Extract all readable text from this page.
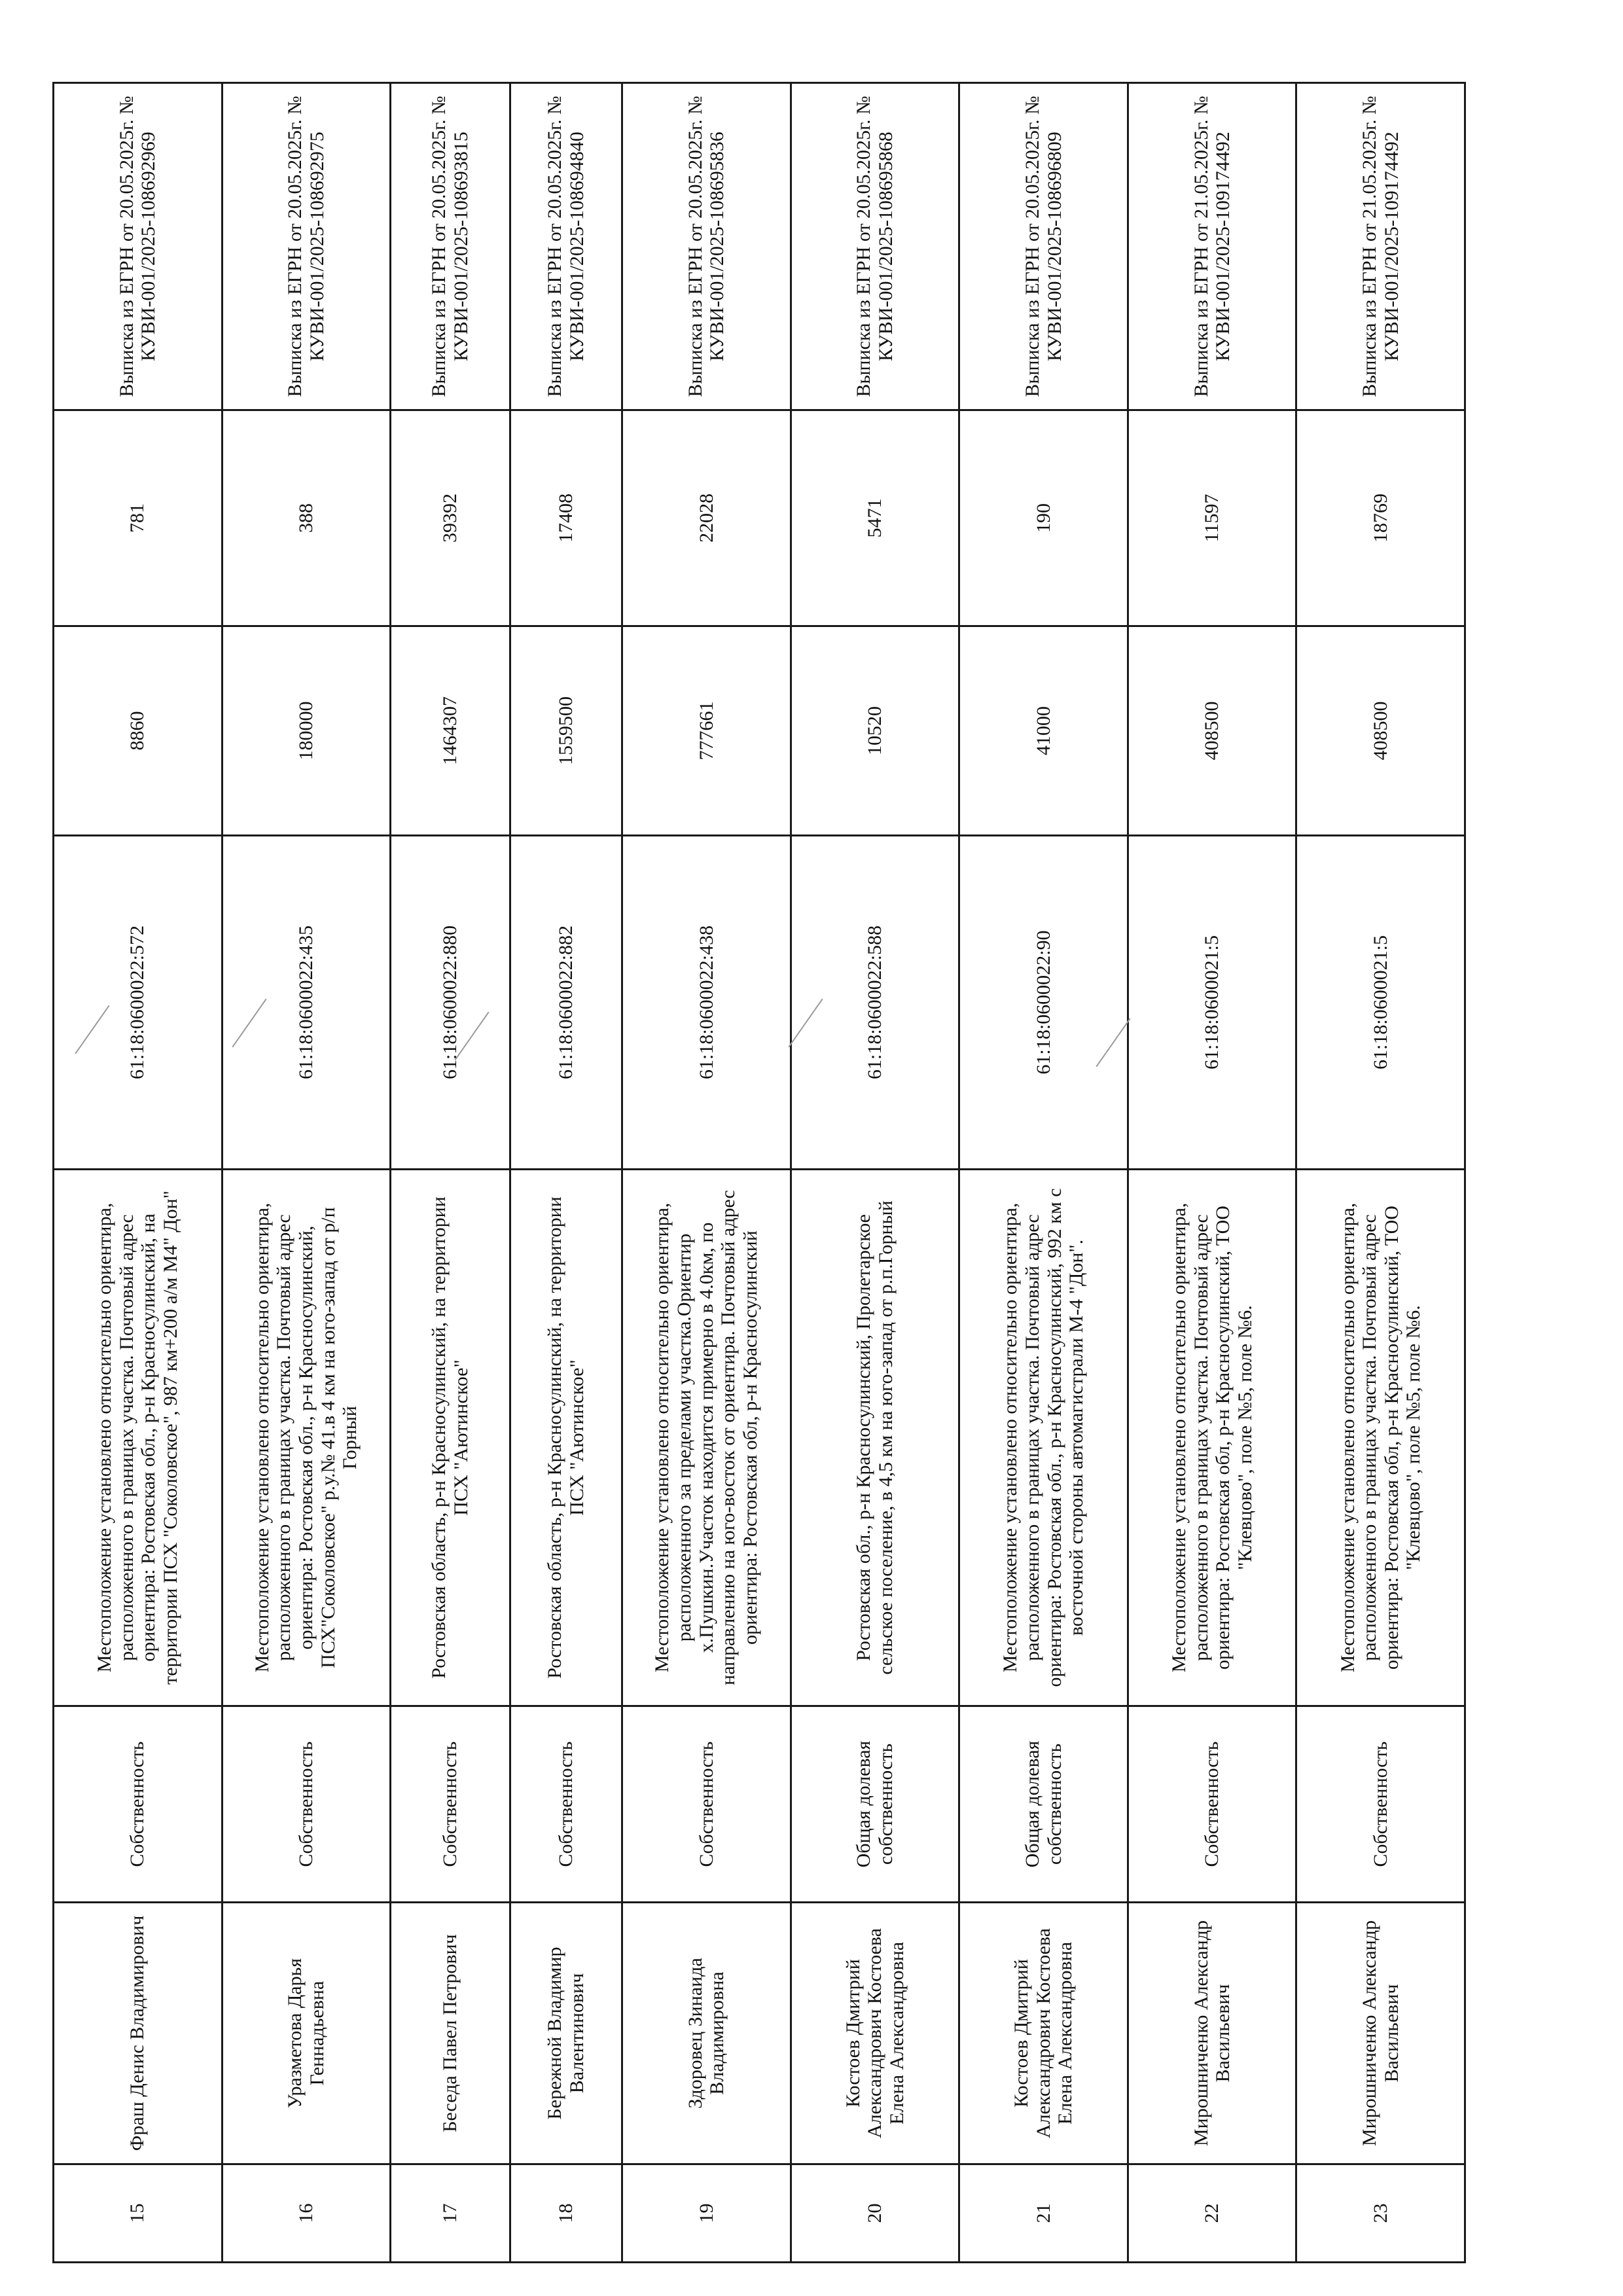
15	Фраш Денис Владимирович	Собственность	Местоположение установлено относительно ориентира, расположенного в границах участка. Почтовый адрес ориентира: Ростовская обл., р-н Красносулинский, на территории ПСХ "Соколовское", 987 км+200 а/м М4" Дон"	61:18:0600022:572	8860	781	Выписка из ЕГРН от 20.05.2025г. № КУВИ-001/2025-108692969
16	Уразметова Дарья Геннадьевна	Собственность	Местоположение установлено относительно ориентира, расположенного в границах участка. Почтовый адрес ориентира: Ростовская обл., р-н Красносулинский, ПСХ"Соколовское" р.у.№ 41.в 4 км на юго-запад от р/п Горный	61:18:0600022:435	180000	388	Выписка из ЕГРН от 20.05.2025г. № КУВИ-001/2025-108692975
17	Беседа Павел Петрович	Собственность	Ростовская область, р-н Красносулинский, на территории ПСХ "Аютинское"	61:18:0600022:880	1464307	39392	Выписка из ЕГРН от 20.05.2025г. № КУВИ-001/2025-108693815
18	Бережной Владимир Валентинович	Собственность	Ростовская область, р-н Красносулинский, на территории ПСХ "Аютинское"	61:18:0600022:882	1559500	17408	Выписка из ЕГРН от 20.05.2025г. № КУВИ-001/2025-108694840
19	Здоровец Зинаида Владимировна	Собственность	Местоположение установлено относительно ориентира, расположенного за пределами участка.Ориентир х.Пушкин.Участок находится примерно в 4.0км, по направлению на юго-восток от ориентира. Почтовый адрес ориентира: Ростовская обл, р-н Красносулинский	61:18:0600022:438	777661	22028	Выписка из ЕГРН от 20.05.2025г. № КУВИ-001/2025-108695836
20	Костоев Дмитрий Александрович Костоева Елена Александровна	Общая долевая собственность	Ростовская обл., р-н Красносулинский, Пролетарское сельское поселение, в 4,5 км на юго-запад от р.п.Горный	61:18:0600022:588	10520	5471	Выписка из ЕГРН от 20.05.2025г. № КУВИ-001/2025-108695868
21	Костоев Дмитрий Александрович Костоева Елена Александровна	Общая долевая собственность	Местоположение установлено относительно ориентира, расположенного в границах участка. Почтовый адрес ориентира: Ростовская обл., р-н Красносулинский, 992 км с восточной стороны автомагистрали М-4 "Дон".	61:18:0600022:90	41000	190	Выписка из ЕГРН от 20.05.2025г. № КУВИ-001/2025-108696809
22	Мирошниченко Александр Васильевич	Собственность	Местоположение установлено относительно ориентира, расположенного в границах участка. Почтовый адрес ориентира: Ростовская обл, р-н Красносулинский, ТОО "Клевцово", поле №5, поле №6.	61:18:0600021:5	408500	11597	Выписка из ЕГРН от 21.05.2025г. № КУВИ-001/2025-109174492
23	Мирошниченко Александр Васильевич	Собственность	Местоположение установлено относительно ориентира, расположенного в границах участка. Почтовый адрес ориентира: Ростовская обл, р-н Красносулинский, ТОО "Клевцово", поле №5, поле №6.	61:18:0600021:5	408500	18769	Выписка из ЕГРН от 21.05.2025г. № КУВИ-001/2025-109174492
